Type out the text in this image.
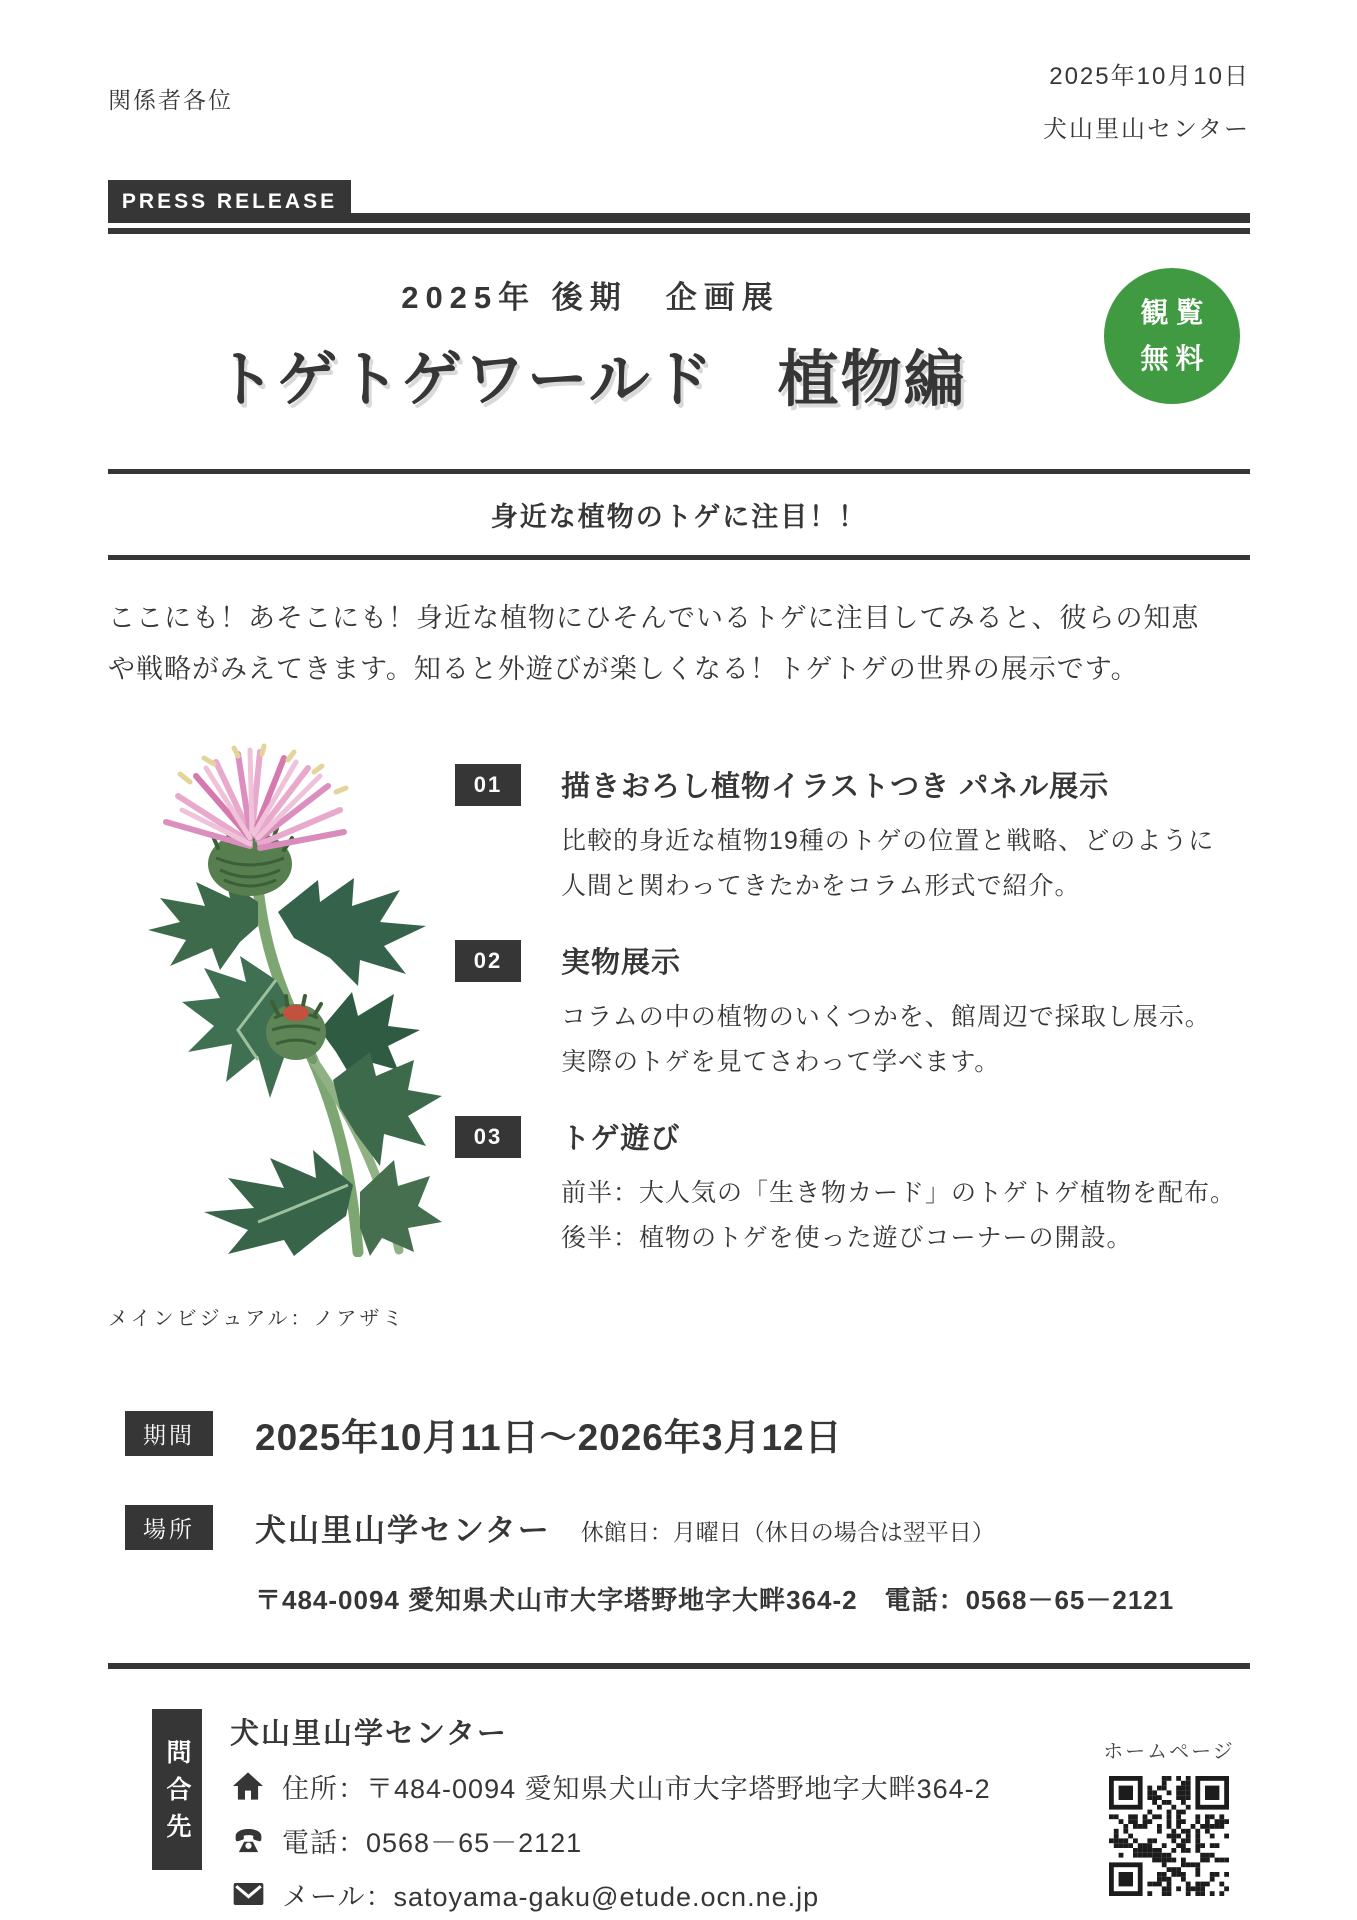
関係者各位
2025年10月10日
犬山里山センター
PRESS RELEASE
2025年 後期　企画展
トゲトゲワールド　植物編
観覧
無料
身近な植物のトゲに注目！！
ここにも！あそこにも！身近な植物にひそんでいるトゲに注目してみると、彼らの知恵
や戦略がみえてきます。知ると外遊びが楽しくなる！トゲトゲの世界の展示です。
01	描きおろし植物イラストつき パネル展示
比較的身近な植物19種のトゲの位置と戦略、どのように
人間と関わってきたかをコラム形式で紹介。
02	実物展示
コラムの中の植物のいくつかを、館周辺で採取し展示。
実際のトゲを見てさわって学べます。
03	トゲ遊び
前半：大人気の「生き物カード」のトゲトゲ植物を配布。
後半：植物のトゲを使った遊びコーナーの開設。
メインビジュアル：ノアザミ
期間	2025年10月11日〜2026年3月12日
場所	犬山里山学センター 休館日：月曜日（休日の場合は翌平日）
〒484-0094 愛知県犬山市大字塔野地字大畔364-2　電話：0568－65－2121
問合先
犬山里山学センター
住所：〒484-0094 愛知県犬山市大字塔野地字大畔364-2
電話：0568－65－2121
メール：satoyama-gaku@etude.ocn.ne.jp
ホームページ
